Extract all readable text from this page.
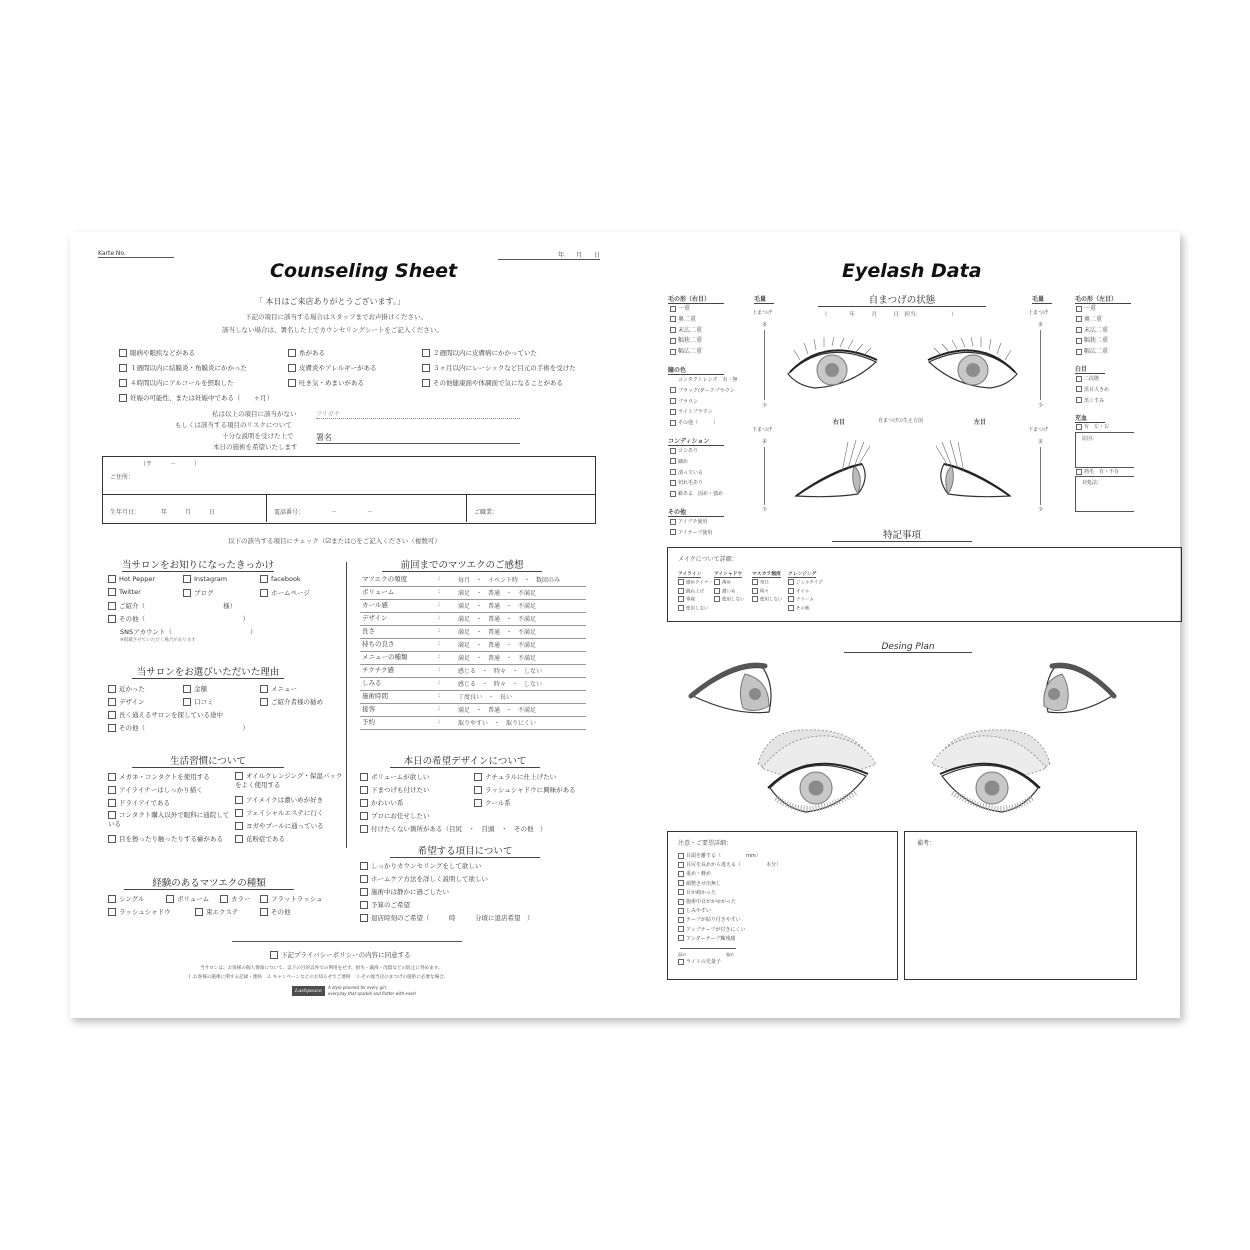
Karte No.	年　　月　　日
Counseling Sheet
「 本日はご来店ありがとうございます。」
下記の項目に該当する場合はスタッフまでお声掛けください。
該当しない場合は、署名した上でカウンセリングシートをご記入ください。
眼病や眼疾などがある
１週間以内に結膜炎・角膜炎にかかった
４時間以内にアルコールを摂取した
妊娠の可能性、または妊娠中である（　　ヶ月）
糸がある
皮膚炎やアレルギーがある
吐き気・めまいがある
２週間以内に皮膚病にかかっていた
３ヶ月以内にレーシックなど目元の手術を受けた
その他健康面や体調面で気になることがある
私は以上の項目に該当がない
もしくは該当する項目のリスクについて
十分な説明を受けた上で
本日の施術を希望いたします
フリガナ
署名
（〒　　　－　　　）
ご住所：
生年月日：　　　　年　　　月　　　日	電話番号：　　　　　－　　　　　－	ご職業：
以下の該当する項目にチェック（☑または○をご記入ください（複数可）
当サロンをお知りになったきっかけ
Hot Pepper	Instagram	facebook
Twitter	ブログ	ホームページ
ご紹介（　　　　　　　　　　　　様）
その他（　　　　　　　　　　　　　　　）
SNSアカウント（　　　　　　　　　　　　）
※掲載させていただく場合があります
当サロンをお選びいただいた理由
近かった	金額	メニュー
デザイン	口コミ	ご紹介者様の勧め
長く通えるサロンを探している途中
その他（　　　　　　　　　　　　　　　）
生活習慣について
メガネ・コンタクトを使用する
アイライナーはしっかり描く
ドライアイである
コンタクト購入以外で眼科に通院している
目を擦ったり触ったりする癖がある
オイルクレンジング・保湿パックをよく使用する
アイメイクは濃いめが好き
フェイシャルエステに行く
ヨガやプールに通っている
花粉症である
経験のあるマツエクの種類
シングル	ボリューム	カラー	フラットラッシュ
ラッシュシャドウ	束エクステ	その他
前回までのマツエクのご感想
マツエクの頻度	:	毎月　・　イベント時　・　数回のみ
ボリューム	:	満足　・　普通　・　不満足
カール感	:	満足　・　普通　・　不満足
デザイン	:	満足　・　普通　・　不満足
長さ	:	満足　・　普通　・　不満足
持ちの良さ	:	満足　・　普通　・　不満足
メニューの種類	:	満足　・　普通　・　不満足
チクチク感	:	感じる　・　時々　・　しない
しみる	:	感じる　・　時々　・　しない
施術時間	:	丁度良い　・　長い
接客	:	満足　・　普通　・　不満足
予約	:	取りやすい　・　取りにくい
本日の希望デザインについて
ボリュームが欲しい
下まつげも付けたい
かわいい系
プロにお任せしたい
付けたくない箇所がある（目尻　・　目頭　・　その他　）
ナチュラルに仕上げたい
ラッシュシャドウに興味がある
クール系
希望する項目について
しっかりカウンセリングをして欲しい
ホームケア方法を詳しく説明して欲しい
施術中は静かに過ごしたい
予算のご希望
退店時刻のご希望（　　　時　　　分頃に退店希望　）
下記プライバシーポリシーの内容に同意する
当サロンは、お客様の個人情報について、以下の目的以外での利用をせず、紛失・漏洩・改竄などの防止に努めます。
１.お客様の施術に関する記録・連絡　２.キャンペーンなどのお知らせでご連絡　３.その他当店のまつげの施術に必要な場合。
Lashpeace
A style planned for every girl,
everyday that sparkle and flutter with ease!
Eyelash Data
毛の形（右目）
一重
奥二重
末広二重
幅狭二重
幅広二重
瞳の色
コンタクトレンズ　有・無
ブラック/ダークブラウン
ブラウン
ライトブラウン
その他（　　　）
コンディション
コシあり
細め
潰っている
切れ毛あり
癖ある　固め・強め
その他
アイプチ使用
アイテープ使用
毛量
上まつげ
多
少
下まつげ
多
少
自まつげの状態
（　　　　年　　　月　　　日　担当：　　　　　　）
右目	自まつげの生え方図	左目
毛量
上まつげ
多
少
下まつげ
多
少
毛の形（左目）
一重
奥二重
末広二重
幅狭二重
幅広二重
白目
二段階
黒目大きめ
黒くすみ
充血
有　左・右
原因：
熱毛　有・不有
対処法：
特記事項
メイクについて詳細：
アイライン
細めライナー
跳ね上げ
垂線
使用しない
アイシャドウ
薄め
濃いめ
使用しない
マスカラ頻度
毎日
時々
使用しない
クレンジング
ジェルタイプ
オイル
クリーム
その他
Desing Plan
注意・ご要望詳細：
目頭を離する（　　　　　mm）
目尻を長めから違える（　　　　　本分）
重め・軽め
顔整させ出無し
目が痛かった
施術中目がかゆかった
しみやすい
テープが貼り付きやすい
アップテープが付きにくい
アンダーテープ糊残感
弱め	強め
ライトの光量子
備考：
